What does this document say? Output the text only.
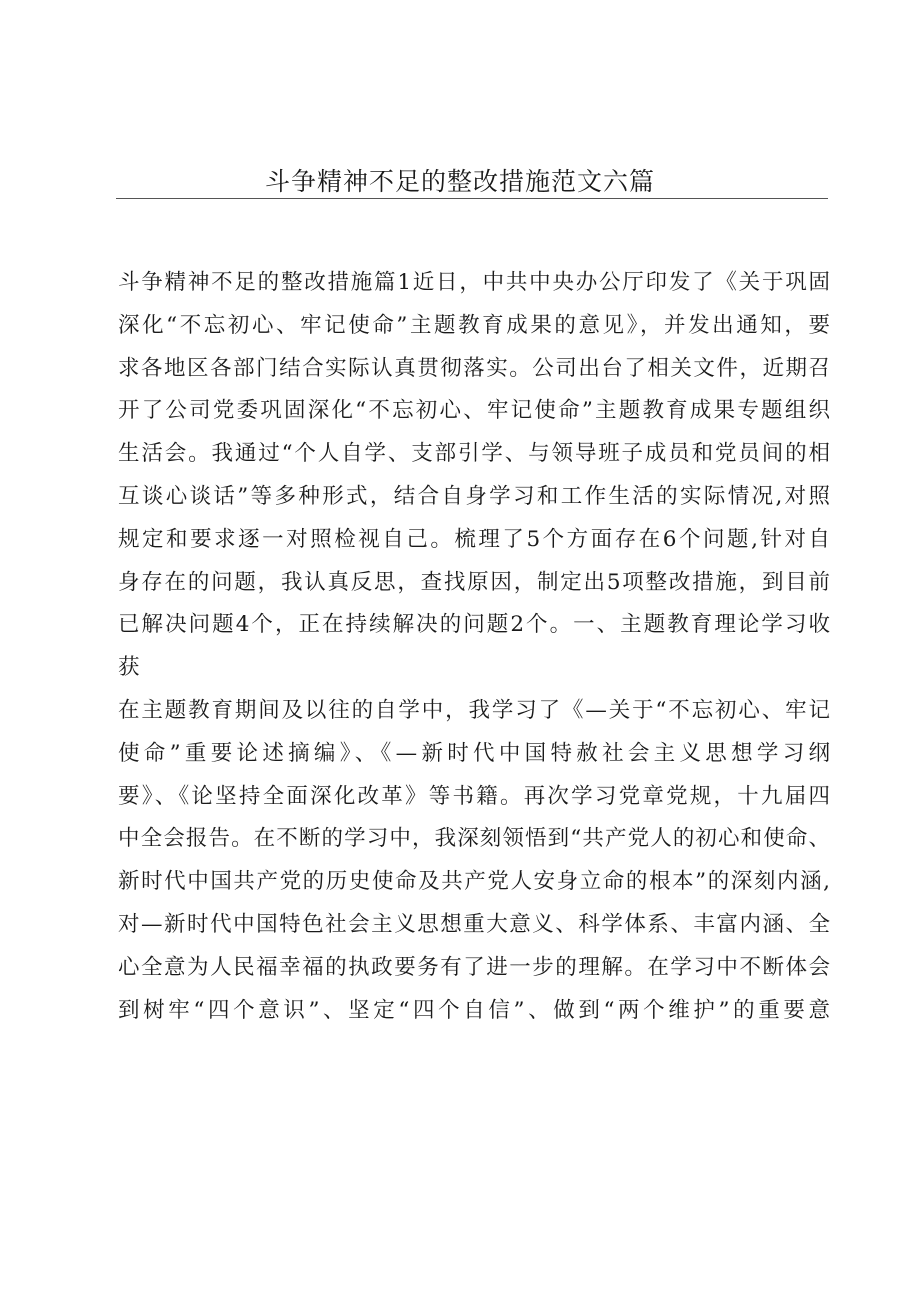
斗争精神不足的整改措施范文六篇
斗争精神不足的整改措施篇1近日，中共中央办公厅印发了《关于巩固
深化“不忘初心、牢记使命”主题教育成果的意见》，并发出通知，要
求各地区各部门结合实际认真贯彻落实。公司出台了相关文件，近期召
开了公司党委巩固深化“不忘初心、牢记使命”主题教育成果专题组织
生活会。我通过“个人自学、支部引学、与领导班子成员和党员间的相
互谈心谈话”等多种形式，结合自身学习和工作生活的实际情况,对照
规定和要求逐一对照检视自己。梳理了5个方面存在6个问题,针对自
身存在的问题，我认真反思，查找原因，制定出5项整改措施，到目前
已解决问题4个，正在持续解决的问题2个。一、主题教育理论学习收
获
在主题教育期间及以往的自学中，我学习了《—关于“不忘初心、牢记
使命”重要论述摘编》、《—新时代中国特赦社会主义思想学习纲
要》、《论坚持全面深化改革》等书籍。再次学习党章党规，十九届四
中全会报告。在不断的学习中，我深刻领悟到“共产党人的初心和使命、
新时代中国共产党的历史使命及共产党人安身立命的根本”的深刻内涵,
对—新时代中国特色社会主义思想重大意义、科学体系、丰富内涵、全
心全意为人民福幸福的执政要务有了进一步的理解。在学习中不断体会
到树牢“四个意识”、坚定“四个自信”、做到“两个维护”的重要意
